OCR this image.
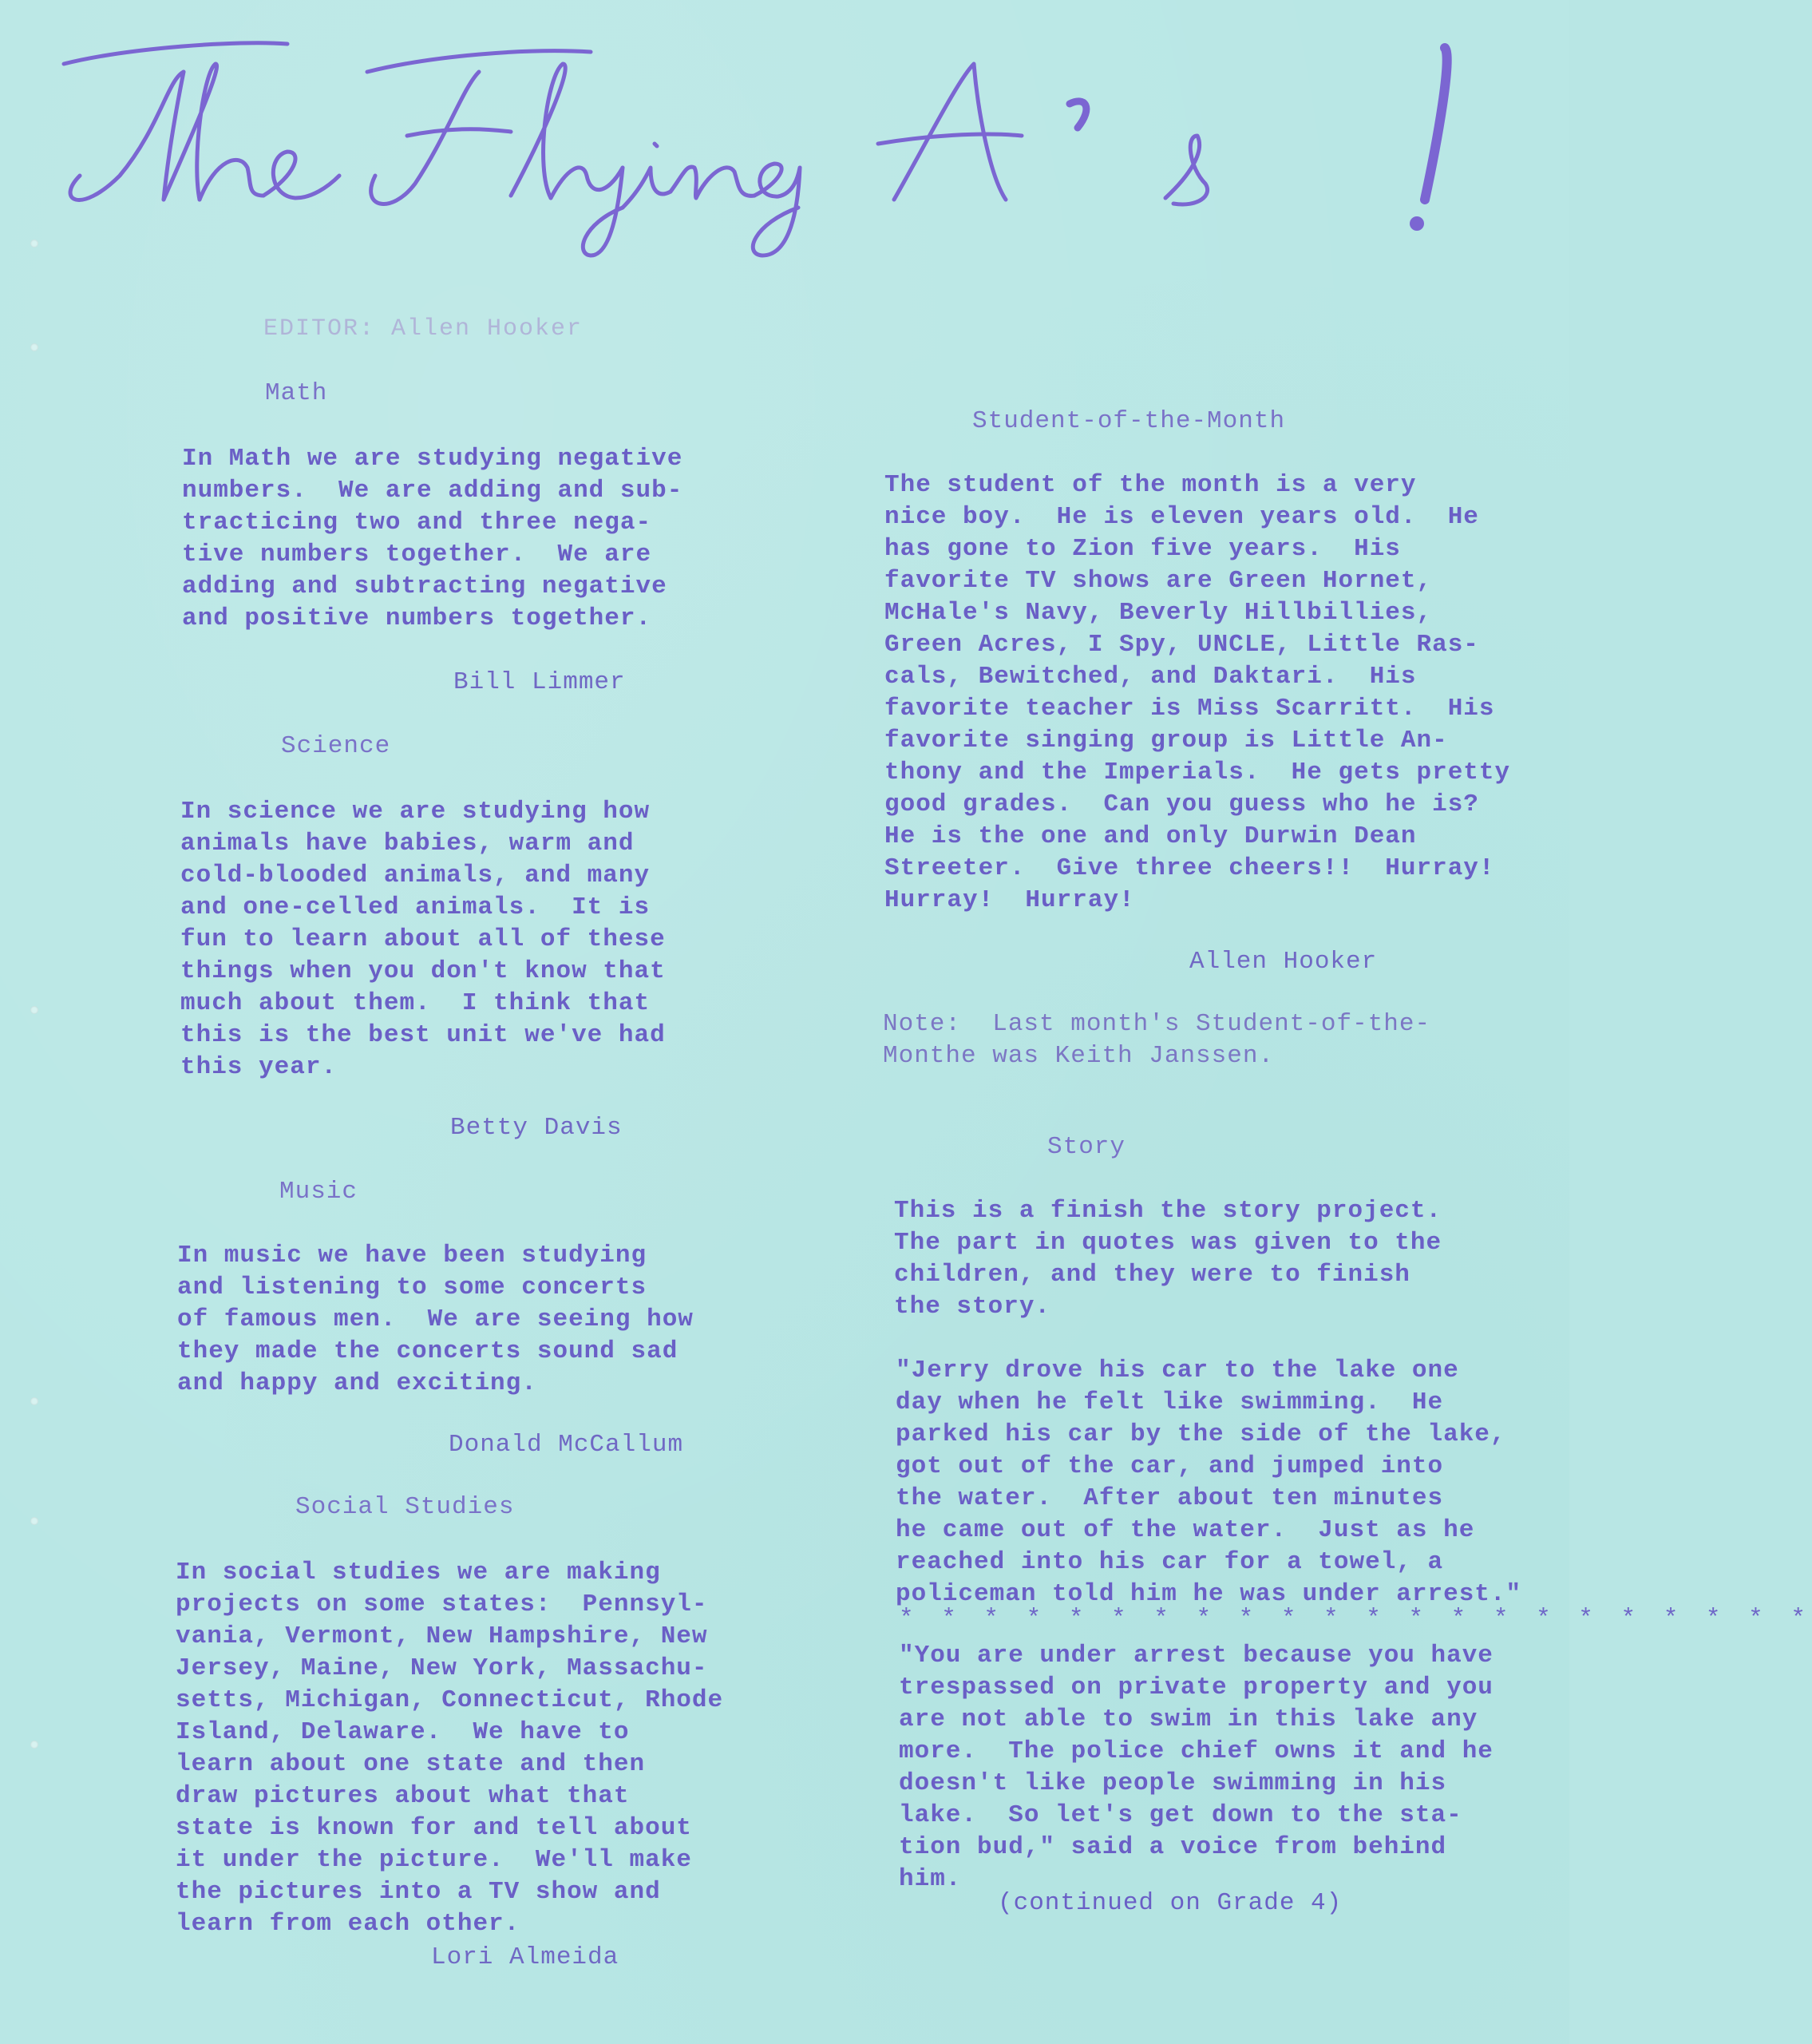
EDITOR: Allen Hooker
Math
In Math we are studying negative
numbers.  We are adding and sub-
tracticing two and three nega-
tive numbers together.  We are
adding and subtracting negative
and positive numbers together.
Bill Limmer
Science
In science we are studying how
animals have babies, warm and
cold-blooded animals, and many
and one-celled animals.  It is
fun to learn about all of these
things when you don't know that
much about them.  I think that
this is the best unit we've had
this year.
Betty Davis
Music
In music we have been studying
and listening to some concerts
of famous men.  We are seeing how
they made the concerts sound sad
and happy and exciting.
Donald McCallum
Social Studies
In social studies we are making
projects on some states:  Pennsyl-
vania, Vermont, New Hampshire, New
Jersey, Maine, New York, Massachu-
setts, Michigan, Connecticut, Rhode
Island, Delaware.  We have to
learn about one state and then
draw pictures about what that
state is known for and tell about
it under the picture.  We'll make
the pictures into a TV show and
learn from each other.
Lori Almeida
Student-of-the-Month
The student of the month is a very
nice boy.  He is eleven years old.  He
has gone to Zion five years.  His
favorite TV shows are Green Hornet,
McHale's Navy, Beverly Hillbillies,
Green Acres, I Spy, UNCLE, Little Ras-
cals, Bewitched, and Daktari.  His
favorite teacher is Miss Scarritt.  His
favorite singing group is Little An-
thony and the Imperials.  He gets pretty
good grades.  Can you guess who he is?
He is the one and only Durwin Dean
Streeter.  Give three cheers!!  Hurray!
Hurray!  Hurray!
Allen Hooker
Note:  Last month's Student-of-the-
Monthe was Keith Janssen.
Story
This is a finish the story project.
The part in quotes was given to the
children, and they were to finish
the story.
"Jerry drove his car to the lake one
day when he felt like swimming.  He
parked his car by the side of the lake,
got out of the car, and jumped into
the water.  After about ten minutes
he came out of the water.  Just as he
reached into his car for a towel, a
policeman told him he was under arrest."
* * * * * * * * * * * * * * * * * * * * * *
"You are under arrest because you have
trespassed on private property and you
are not able to swim in this lake any
more.  The police chief owns it and he
doesn't like people swimming in his
lake.  So let's get down to the sta-
tion bud," said a voice from behind
him.
(continued on Grade 4)
